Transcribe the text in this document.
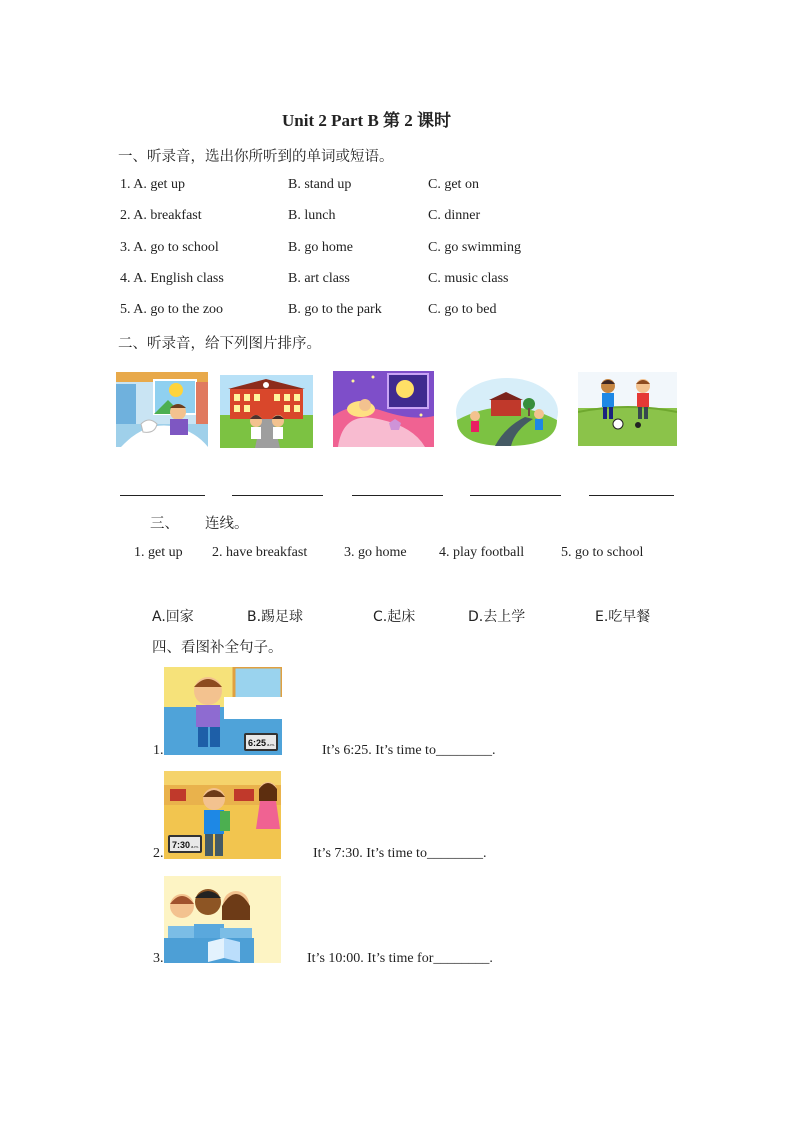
Unit 2 Part B 第 2 课时
一、听录音，选出你所听到的单词或短语。
1. A. get up	B. stand up	C. get on
2. A. breakfast	B. lunch	C. dinner
3. A. go to school	B. go home	C. go swimming
4. A. English class	B. art class	C. music class
5. A. go to the zoo	B. go to the park	C. go to bed
二、听录音，给下列图片排序。
三、 连线。
1. get up 2. have breakfast	3. go home 4. play football	5. go to school
A.回家	B.踢足球	C.起床	D.去上学	E.吃早餐
四、看图补全句子。
6:25 a.m.
1.	It’s 6:25. It’s time to________.
7:30 a.m.
2.	It’s 7:30. It’s time to________.
3.	It’s 10:00. It’s time for________.
